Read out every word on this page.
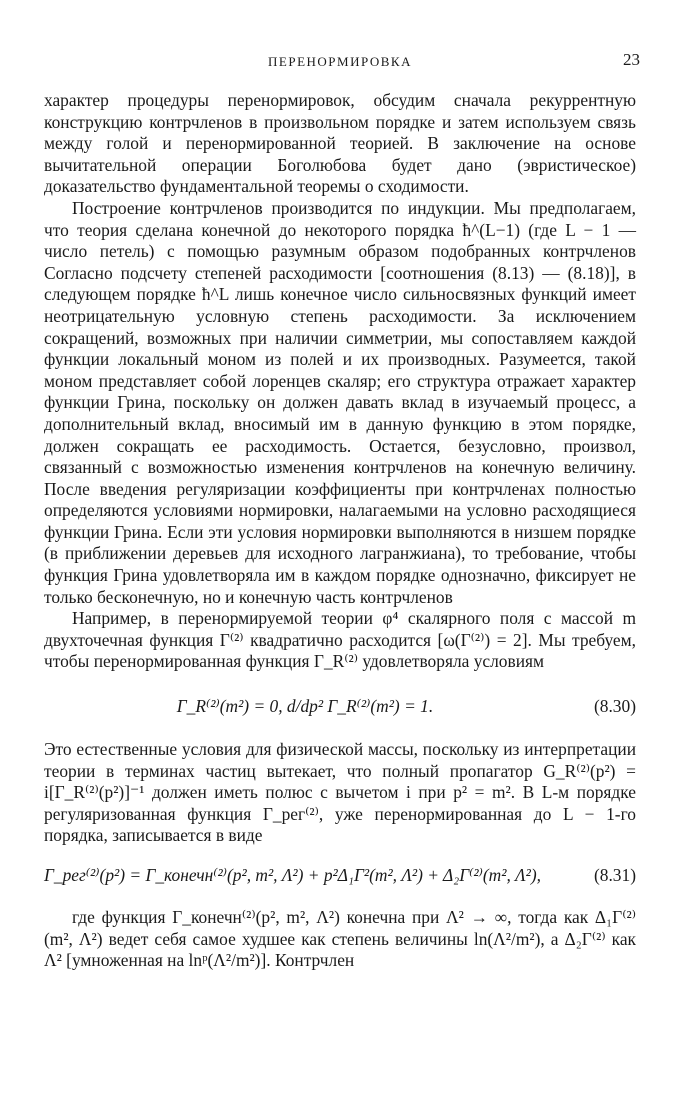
ПЕРЕНОРМИРОВКА	23

характер процедуры перенормировок, обсудим сначала рекуррентную конструкцию контрчленов в произвольном порядке и затем используем связь между голой и перенормированной теорией. В заключение на основе вычитательной операции Боголюбова будет дано (эвристическое) доказательство фундаментальной теоремы о сходимости.

Построение контрчленов производится по индукции. Мы предполагаем, что теория сделана конечной до некоторого порядка ħ^(L−1) (где L − 1 — число петель) с помощью разумным образом подобранных контрчленов Согласно подсчету степеней расходимости [соотношения (8.13) — (8.18)], в следующем порядке ħ^L лишь конечное число сильносвязных функций имеет неотрицательную условную степень расходимости. За исключением сокращений, возможных при наличии симметрии, мы сопоставляем каждой функции локальный моном из полей и их производных. Разумеется, такой моном представляет собой лоренцев скаляр; его структура отражает характер функции Грина, поскольку он должен давать вклад в изучаемый процесс, а дополнительный вклад, вносимый им в данную функцию в этом порядке, должен сокращать ее расходимость. Остается, безусловно, произвол, связанный с возможностью изменения контрчленов на конечную величину. После введения регуляризации коэффициенты при контрчленах полностью определяются условиями нормировки, налагаемыми на условно расходящиеся функции Грина. Если эти условия нормировки выполняются в низшем порядке (в приближении деревьев для исходного лагранжиана), то требование, чтобы функция Грина удовлетворяла им в каждом порядке однозначно, фиксирует не только бесконечную, но и конечную часть контрчленов

Например, в перенормируемой теории φ⁴ скалярного поля с массой m двухточечная функция Γ⁽²⁾ квадратично расходится [ω(Γ⁽²⁾) = 2]. Мы требуем, чтобы перенормированная функция Γ_R⁽²⁾ удовлетворяла условиям

Γ_R⁽²⁾(m²) = 0, d/dp² Γ_R⁽²⁾(m²) = 1.	(8.30)

Это естественные условия для физической массы, поскольку из интерпретации теории в терминах частиц вытекает, что полный пропагатор G_R⁽²⁾(p²) = i[Γ_R⁽²⁾(p²)]⁻¹ должен иметь полюс с вычетом i при p² = m². В L-м порядке регуляризованная функция Γ_рег⁽²⁾, уже перенормированная до L − 1-го порядка, записывается в виде

Γ_рег⁽²⁾(p²) = Γ_конечн⁽²⁾(p², m², Λ²) + p²Δ₁Γ²(m², Λ²) + Δ₂Γ⁽²⁾(m², Λ²),	(8.31)

где функция Γ_конечн⁽²⁾(p², m², Λ²) конечна при Λ² → ∞, тогда как Δ₁Γ⁽²⁾(m², Λ²) ведет себя самое худшее как степень величины ln(Λ²/m²), а Δ₂Γ⁽²⁾ как Λ² [умноженная на lnᵖ(Λ²/m²)]. Контрчлен
